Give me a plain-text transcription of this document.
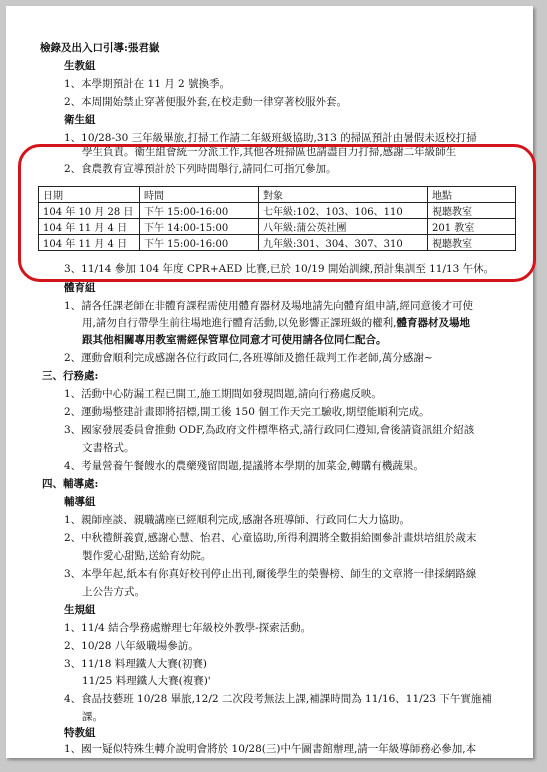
檢錄及出入口引導:張君嶽
生教組
1、本學期預計在 11 月 2 號換季。
2、本周開始禁止穿著便服外套,在校走動一律穿著校服外套。
衛生組
1、10/28-30 三年級畢旅,打掃工作請二年級班級協助,313 的掃區預計由暑假未返校打掃
學生負責。衛生組會統一分派工作,其他各班掃區也請盡自力打掃,感謝二年級師生
2、食農教育宣導預計於下列時間舉行,請同仁可指冗參加。
日期	時間	對象	地點
104 年 10 月 28 日	下午 15:00-16:00	七年級:102、103、106、110	視聽教室
104 年 11 月 4 日	下午 14:00-15:00	八年級:蒲公英社團	201 教室
104 年 11 月 4 日	下午 15:00-16:00	九年級:301、304、307、310	視聽教室
3、11/14 參加 104 年度 CPR+AED 比賽,已於 10/19 開始訓練,預計集訓至 11/13 午休。
體育組
1、請各任課老師在非體育課程需使用體育器材及場地請先向體育組申請,經同意後才可使
用,請勿自行帶學生前往場地進行體育活動,以免影響正課班級的權利,體育器材及場地
跟其他相關專用教室需經保管單位同意才可使用請各位同仁配合。
2、運動會順利完成感謝各位行政同仁,各班導師及擔任裁判工作老師,萬分感謝~
三、行務處:
1、活動中心防漏工程已開工,施工期間如發現問題,請向行務處反映。
2、運動場整建計畫即將招標,開工後 150 個工作天完工驗收,期望能順利完成。
3、國家發展委員會推動 ODF,為政府文件標準格式,請行政同仁遵知,會後請資訊組介紹該
文書格式。
4、考量營養午餐餿水的農藥殘留問題,提議將本學期的加菜金,轉購有機蔬果。
四、輔導處:
輔導組
1、親師座談、親職講座已經順利完成,感謝各班導師、行政同仁大力協助。
2、中秋禮餅義賣,感謝心慧、怡君、心童協助,所得利潤將全數捐給園參計畫烘培組於歲末
製作愛心甜點,送給育幼院。
3、本學年起,紙本有你真好校刊停止出刊,爾後學生的榮譽榜、師生的文章將一律採網路線
上公告方式。
生規組
1、11/4 結合學務處辦理七年級校外教學-探索活動。
2、10/28 八年級職場參訪。
3、11/18 料理鐵人大賽(初賽)
11/25 料理鐵人大賽(複賽)'
4、食品技藝班 10/28 畢旅,12/2 二次段考無法上課,補課時間為 11/16、11/23 下午實施補
課。
特教組
1、國一疑似特殊生轉介說明會將於 10/28(三)中午圖書館辦理,請一年級導師務必參加,本
